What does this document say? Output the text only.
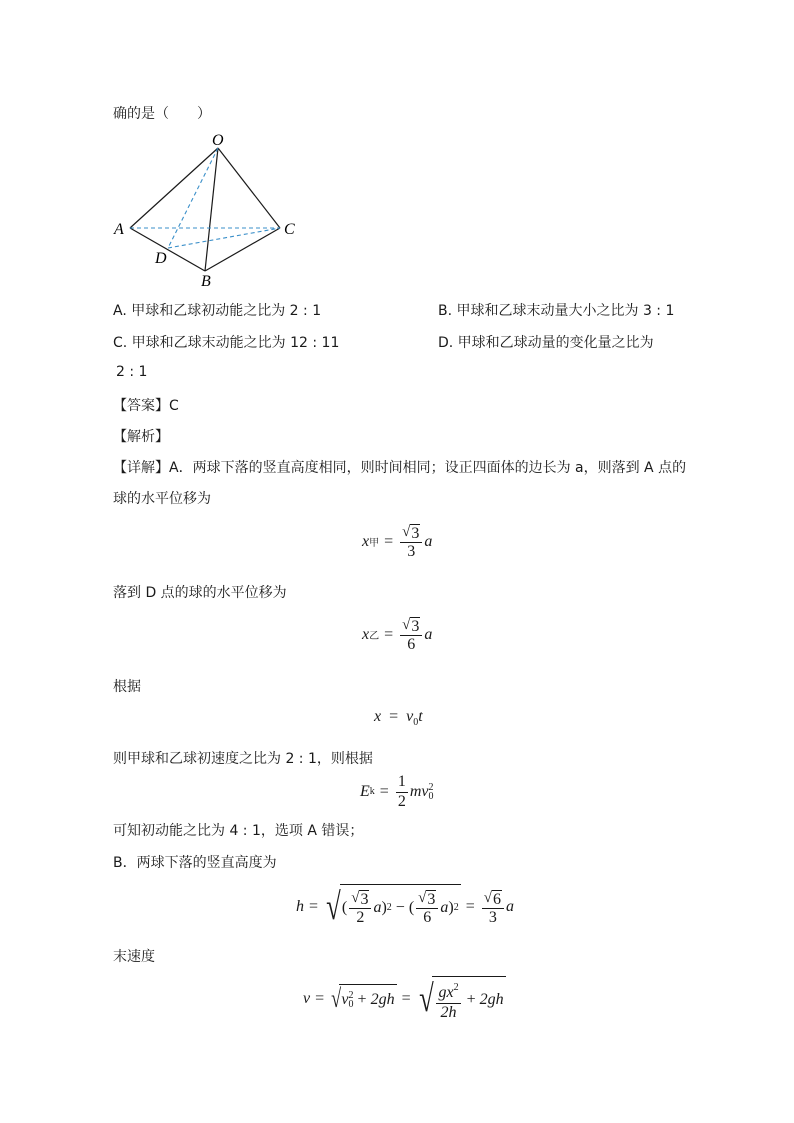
确的是（　　）
O
A	C
D
B
A. 甲球和乙球初动能之比为 2 : 1	B. 甲球和乙球末动量大小之比为 3 : 1
C. 甲球和乙球末动能之比为 12 : 11	D. 甲球和乙球动量的变化量之比为
2 : 1
【答案】C
【解析】
【详解】A．两球下落的竖直高度相同，则时间相同；设正四面体的边长为 a，则落到 A 点的
球的水平位移为
x 甲 = $\frac{√ 3}{3}$ a
落到 D 点的球的水平位移为
x 乙 = $\frac{√ 3}{6}$ a
根据
$x = v_0t$
则甲球和乙球初速度之比为 2 : 1，则根据
E $k = \frac{1}{2}$ m v 2
0
可知初动能之比为 4 : 1，选项 A 错误；
B．两球下落的竖直高度为
h = √ ( $\frac{√ 3}{2}$ a ) 2 − ( $\frac{√ 3}{6}$ a ) $2 = \frac{√ 6}{3}$ a
末速度
v = √ v 2
0 + 2gh = √ $\frac{gx^2}{2h} + 2gh$
